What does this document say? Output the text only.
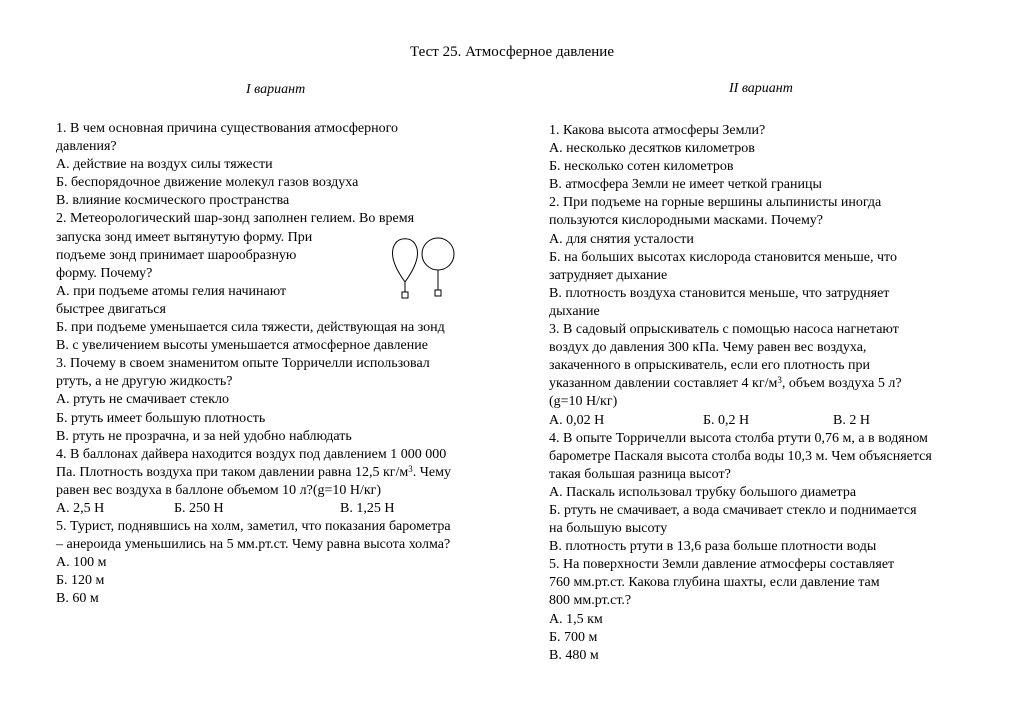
Тест 25. Атмосферное давление
I вариант	II вариант
1. В чем основная причина существования атмосферного
давления?
А. действие на воздух силы тяжести
Б. беспорядочное движение молекул газов воздуха
В. влияние космического пространства
2. Метеорологический шар-зонд заполнен гелием. Во время
запуска зонд имеет вытянутую форму. При
подъеме зонд принимает шарообразную
форму. Почему?
А. при подъеме атомы гелия начинают
быстрее двигаться
Б. при подъеме уменьшается сила тяжести, действующая на зонд
В. с увеличением высоты уменьшается атмосферное давление
3. Почему в своем знаменитом опыте Торричелли использовал
ртуть, а не другую жидкость?
А. ртуть не смачивает стекло
Б. ртуть имеет большую плотность
В. ртуть не прозрачна, и за ней удобно наблюдать
4. В баллонах дайвера находится воздух под давлением 1 000 000
Па. Плотность воздуха при таком давлении равна 12,5 $кг/м^3$. Чему
равен вес воздуха в баллоне объемом 10 л?(g=10 Н/кг)
А. 2,5 Н	Б. 250 Н	В. 1,25 Н
5. Турист, поднявшись на холм, заметил, что показания барометра
– анероида уменьшились на 5 мм.рт.ст. Чему равна высота холма?
А. 100 м
Б. 120 м
В. 60 м
1. Какова высота атмосферы Земли?
А. несколько десятков километров
Б. несколько сотен километров
В. атмосфера Земли не имеет четкой границы
2. При подъеме на горные вершины альпинисты иногда
пользуются кислородными масками. Почему?
А. для снятия усталости
Б. на больших высотах кислорода становится меньше, что
затрудняет дыхание
В. плотность воздуха становится меньше, что затрудняет
дыхание
3. В садовый опрыскиватель с помощью насоса нагнетают
воздух до давления 300 кПа. Чему равен вес воздуха,
закаченного в опрыскиватель, если его плотность при
указанном давлении составляет 4 $кг/м^3$, объем воздуха 5 л?
(g=10 Н/кг)
А. 0,02 Н	Б. 0,2 Н	В. 2 Н
4. В опыте Торричелли высота столба ртути 0,76 м, а в водяном
барометре Паскаля высота столба воды 10,3 м. Чем объясняется
такая большая разница высот?
А. Паскаль использовал трубку большого диаметра
Б. ртуть не смачивает, а вода смачивает стекло и поднимается
на большую высоту
В. плотность ртути в 13,6 раза больше плотности воды
5. На поверхности Земли давление атмосферы составляет
760 мм.рт.ст. Какова глубина шахты, если давление там
800 мм.рт.ст.?
А. 1,5 км
Б. 700 м
В. 480 м
